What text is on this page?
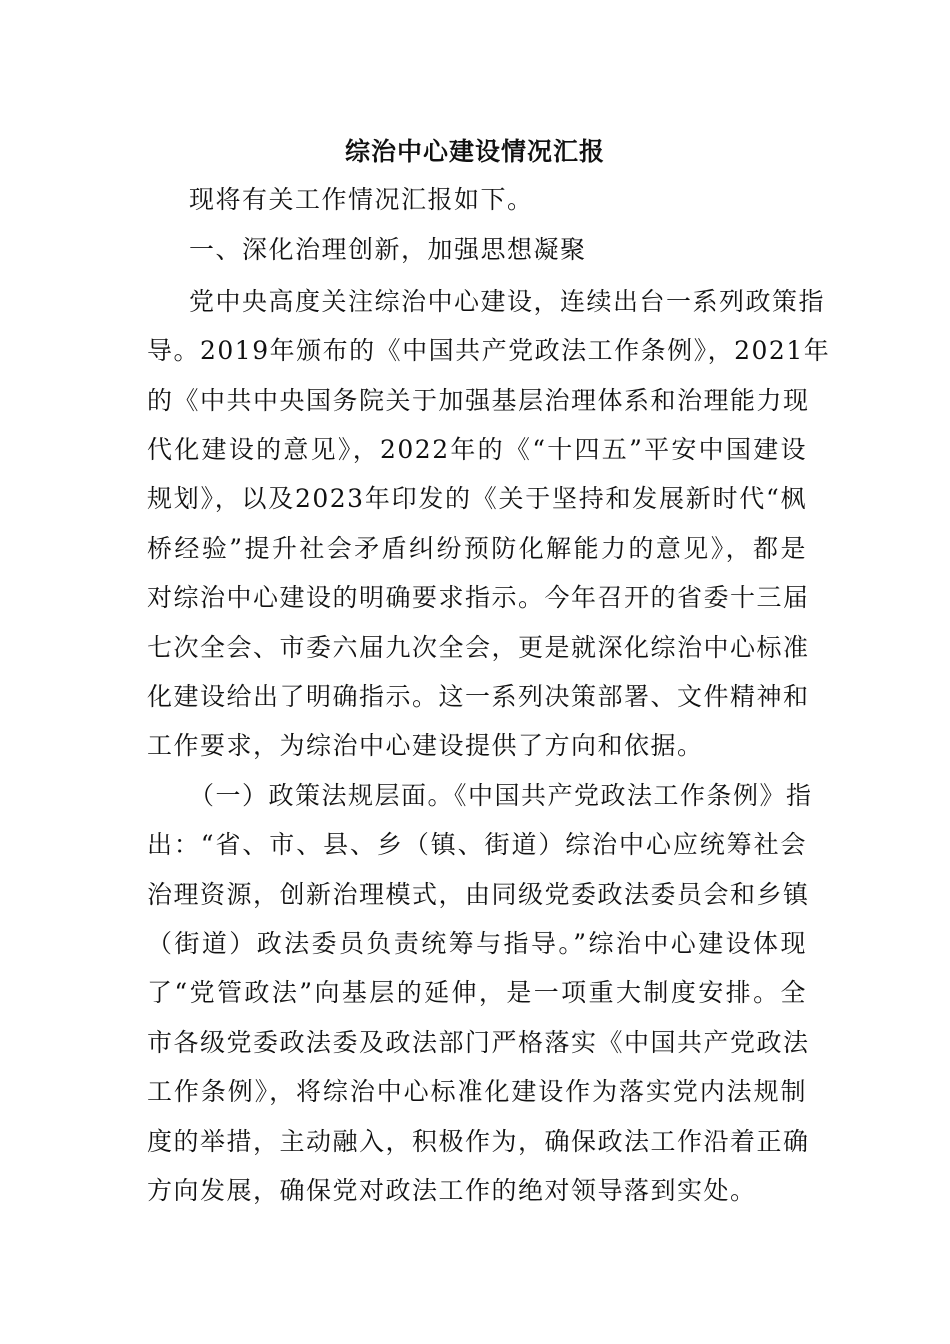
综治中心建设情况汇报
现将有关工作情况汇报如下。
一、深化治理创新，加强思想凝聚
党中央高度关注综治中心建设，连续出台一系列政策指
导。2019年颁布的《中国共产党政法工作条例》，2021年
的《中共中央国务院关于加强基层治理体系和治理能力现
代化建设的意见》，2022年的《“十四五”平安中国建设
规划》，以及2023年印发的《关于坚持和发展新时代“枫
桥经验”提升社会矛盾纠纷预防化解能力的意见》，都是
对综治中心建设的明确要求指示。今年召开的省委十三届
七次全会、市委六届九次全会，更是就深化综治中心标准
化建设给出了明确指示。这一系列决策部署、文件精神和
工作要求，为综治中心建设提供了方向和依据。
（一）政策法规层面。《中国共产党政法工作条例》指
出：“省、市、县、乡（镇、街道）综治中心应统筹社会
治理资源，创新治理模式，由同级党委政法委员会和乡镇
（街道）政法委员负责统筹与指导。”综治中心建设体现
了“党管政法”向基层的延伸，是一项重大制度安排。全
市各级党委政法委及政法部门严格落实《中国共产党政法
工作条例》，将综治中心标准化建设作为落实党内法规制
度的举措，主动融入，积极作为，确保政法工作沿着正确
方向发展，确保党对政法工作的绝对领导落到实处。
